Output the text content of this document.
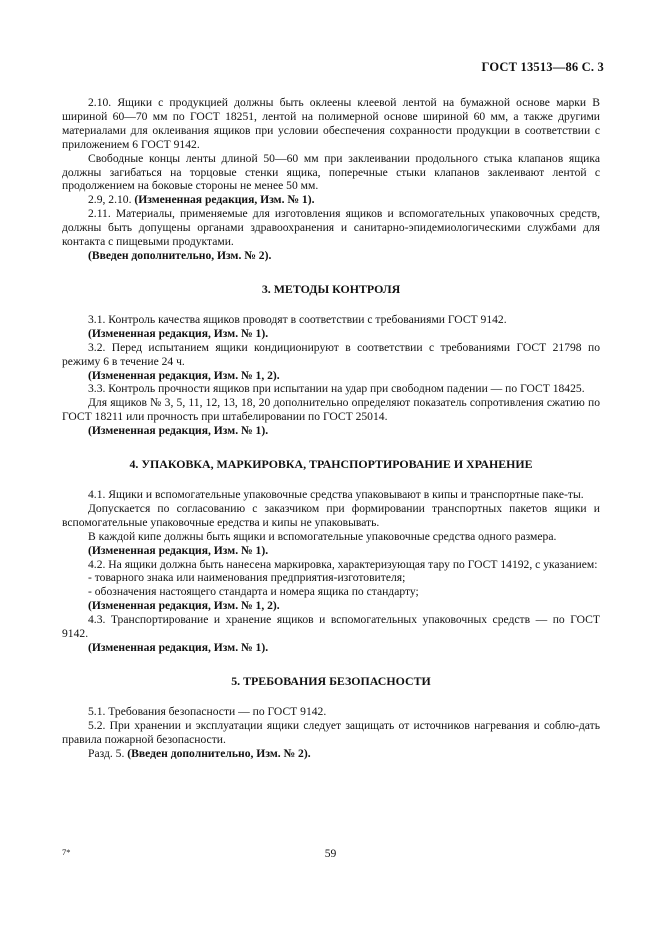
ГОСТ 13513—86 С. 3

2.10. Ящики с продукцией должны быть оклеены клеевой лентой на бумажной основе марки В шириной 60—70 мм по ГОСТ 18251, лентой на полимерной основе шириной 60 мм, а также другими материалами для оклеивания ящиков при условии обеспечения сохранности продукции в соответствии с приложением 6 ГОСТ 9142.

Свободные концы ленты длиной 50—60 мм при заклеивании продольного стыка клапанов ящика должны загибаться на торцовые стенки ящика, поперечные стыки клапанов заклеивают лентой с продолжением на боковые стороны не менее 50 мм.

2.9, 2.10. (Измененная редакция, Изм. № 1).

2.11. Материалы, применяемые для изготовления ящиков и вспомогательных упаковочных средств, должны быть допущены органами здравоохранения и санитарно-эпидемиологическими службами для контакта с пищевыми продуктами.

(Введен дополнительно, Изм. № 2).

3. МЕТОДЫ КОНТРОЛЯ

3.1. Контроль качества ящиков проводят в соответствии с требованиями ГОСТ 9142.

(Измененная редакция, Изм. № 1).

3.2. Перед испытанием ящики кондиционируют в соответствии с требованиями ГОСТ 21798 по режиму 6 в течение 24 ч.

(Измененная редакция, Изм. № 1, 2).

3.3. Контроль прочности ящиков при испытании на удар при свободном падении — по ГОСТ 18425.

Для ящиков № 3, 5, 11, 12, 13, 18, 20 дополнительно определяют показатель сопротивления сжатию по ГОСТ 18211 или прочность при штабелировании по ГОСТ 25014.

(Измененная редакция, Изм. № 1).

4. УПАКОВКА, МАРКИРОВКА, ТРАНСПОРТИРОВАНИЕ И ХРАНЕНИЕ

4.1. Ящики и вспомогательные упаковочные средства упаковывают в кипы и транспортные паке-ты.

Допускается по согласованию с заказчиком при формировании транспортных пакетов ящики и вспомогательные упаковочные ередства и кипы не упаковывать.

В каждой кипе должны быть ящики и вспомогательные упаковочные средства одного размера.

(Измененная редакция, Изм. № 1).

4.2. На ящики должна быть нанесена маркировка, характеризующая тару по ГОСТ 14192, с указанием:

- товарного знака или наименования предприятия-изготовителя;

- обозначения настоящего стандарта и номера ящика по стандарту;

(Измененная редакция, Изм. № 1, 2).

4.3. Транспортирование и хранение ящиков и вспомогательных упаковочных средств — по ГОСТ 9142.

(Измененная редакция, Изм. № 1).

5. ТРЕБОВАНИЯ БЕЗОПАСНОСТИ

5.1. Требования безопасности — по ГОСТ 9142.

5.2. При хранении и эксплуатации ящики следует защищать от источников нагревания и соблю-дать правила пожарной безопасности.

Разд. 5. (Введен дополнительно, Изм. № 2).

7*	59
